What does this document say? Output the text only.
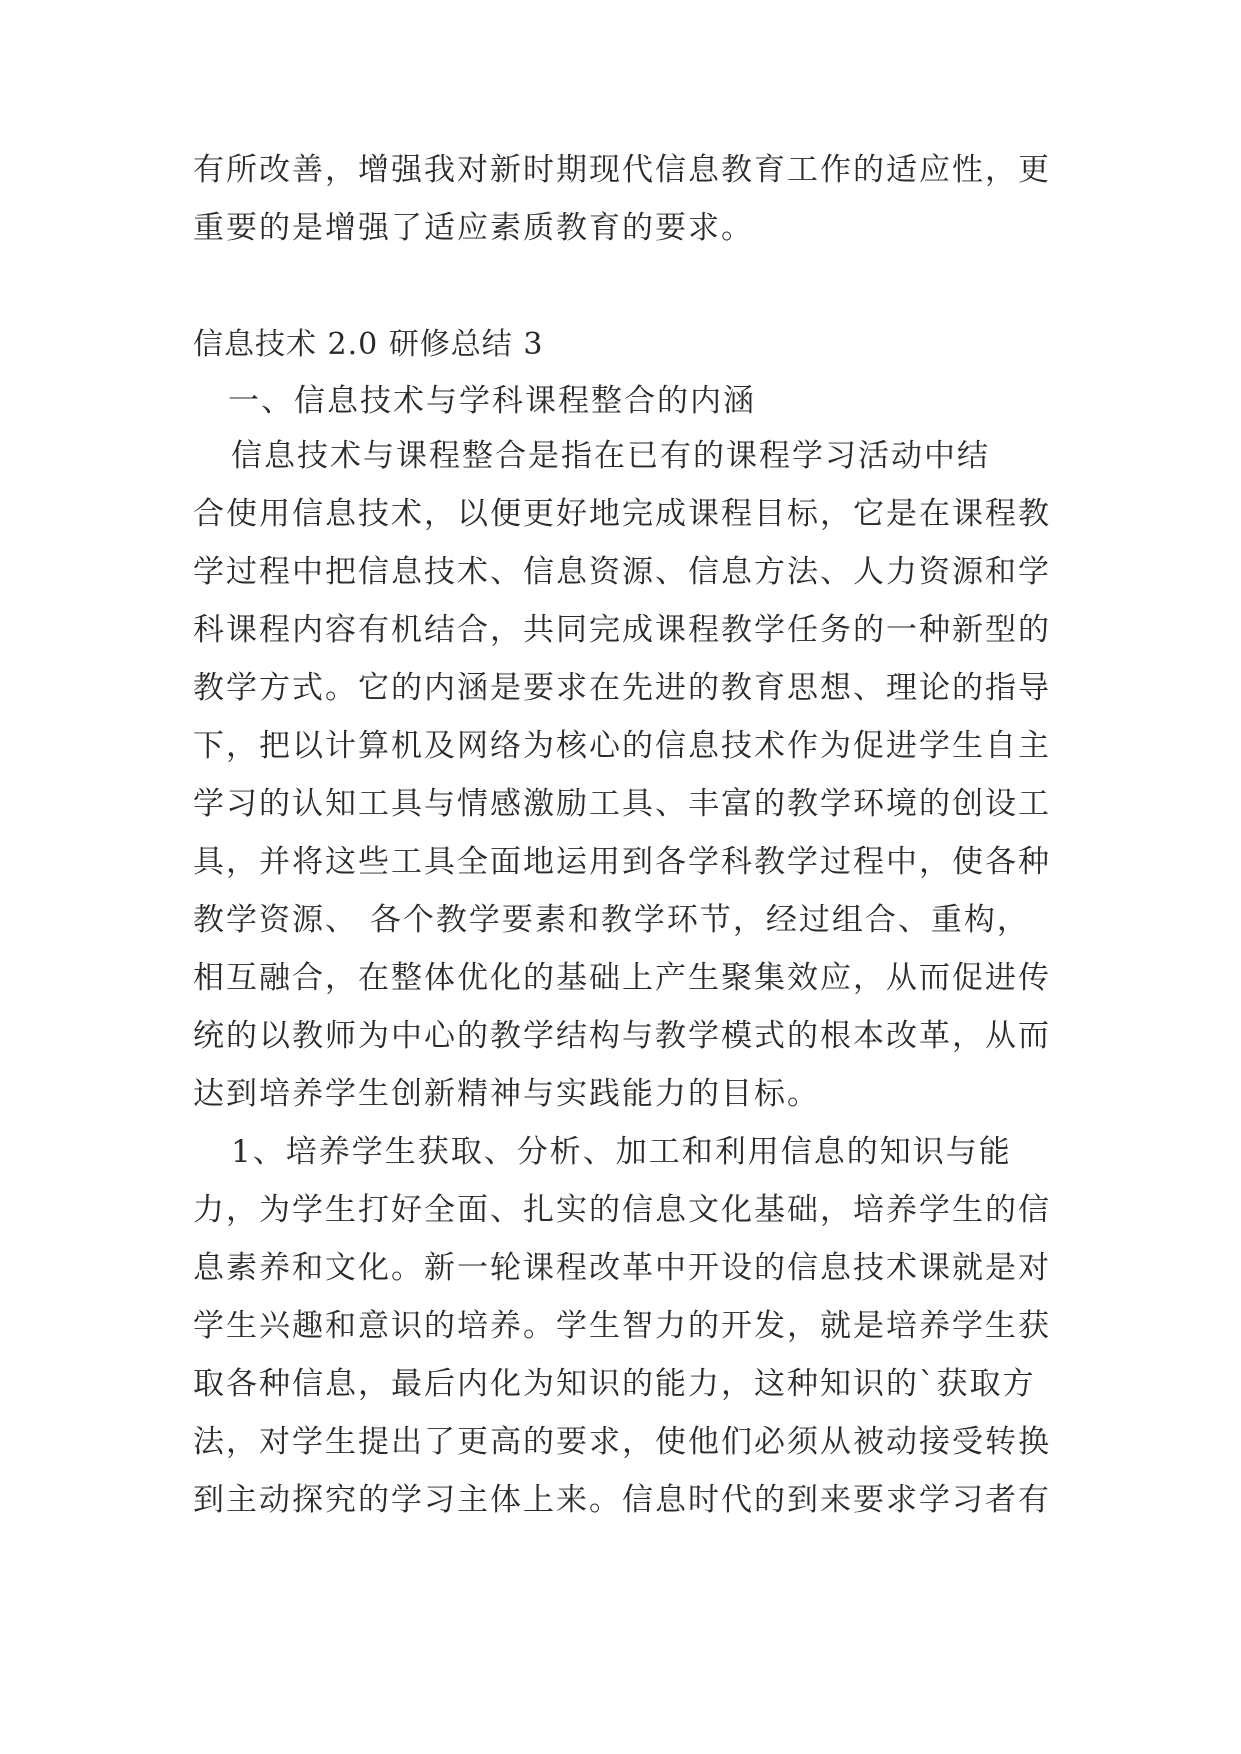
有所改善，增强我对新时期现代信息教育工作的适应性，更
重要的是增强了适应素质教育的要求。
信息技术 2.0 研修总结 3
一、信息技术与学科课程整合的内涵
信息技术与课程整合是指在已有的课程学习活动中结
合使用信息技术，以便更好地完成课程目标，它是在课程教
学过程中把信息技术、信息资源、信息方法、人力资源和学
科课程内容有机结合，共同完成课程教学任务的一种新型的
教学方式。它的内涵是要求在先进的教育思想、理论的指导
下，把以计算机及网络为核心的信息技术作为促进学生自主
学习的认知工具与情感激励工具、丰富的教学环境的创设工
具，并将这些工具全面地运用到各学科教学过程中，使各种
教学资源、 各个教学要素和教学环节，经过组合、重构，
相互融合，在整体优化的基础上产生聚集效应，从而促进传
统的以教师为中心的教学结构与教学模式的根本改革，从而
达到培养学生创新精神与实践能力的目标。
1、培养学生获取、分析、加工和利用信息的知识与能
力，为学生打好全面、扎实的信息文化基础，培养学生的信
息素养和文化。新一轮课程改革中开设的信息技术课就是对
学生兴趣和意识的培养。学生智力的开发，就是培养学生获
取各种信息，最后内化为知识的能力，这种知识的`获取方
法，对学生提出了更高的要求，使他们必须从被动接受转换
到主动探究的学习主体上来。信息时代的到来要求学习者有
